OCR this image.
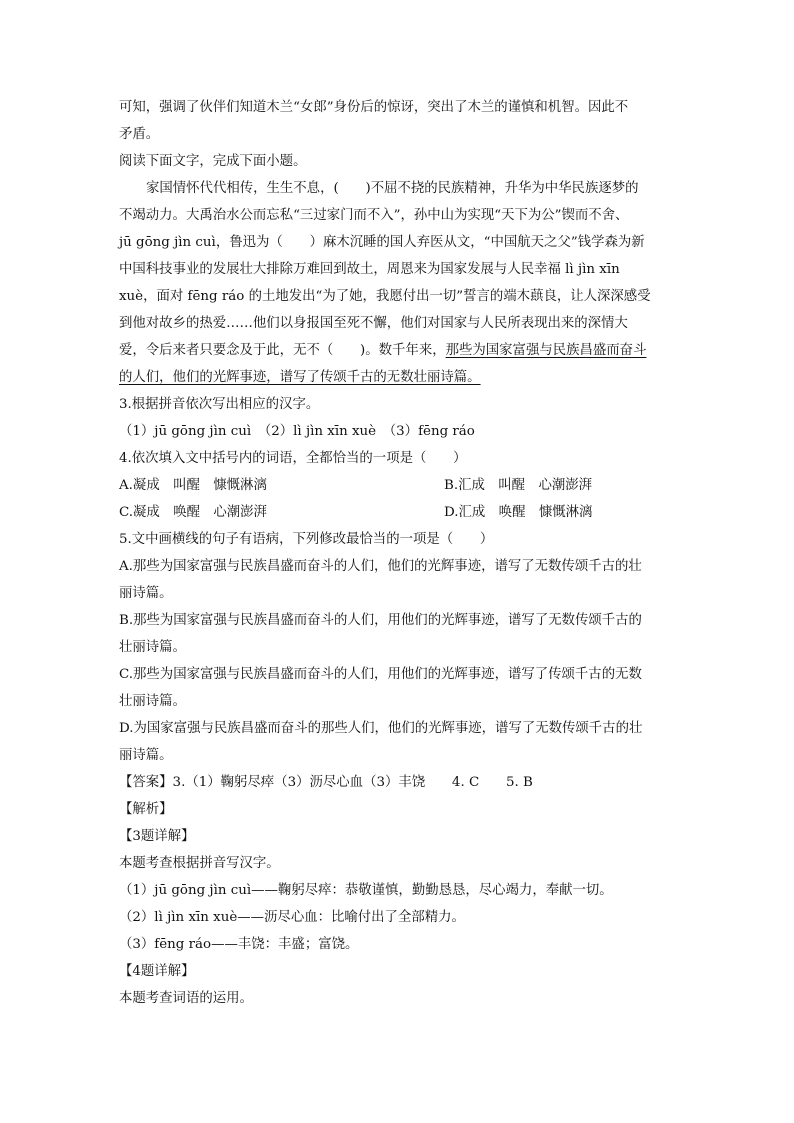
可知，强调了伙伴们知道木兰“女郎”身份后的惊讶，突出了木兰的谨慎和机智。因此不
矛盾。
阅读下面文字，完成下面小题。
家国情怀代代相传，生生不息，(　　)不屈不挠的民族精神，升华为中华民族逐梦的
不竭动力。大禹治水公而忘私“三过家门而不入”，孙中山为实现“天下为公”锲而不舍、
jū gōng jìn cuì，鲁迅为（　　）麻木沉睡的国人弃医从文，“中国航天之父”钱学森为新
中国科技事业的发展壮大排除万难回到故土，周恩来为国家发展与人民幸福 lì jìn xīn
xuè，面对 fēng ráo 的土地发出“为了她，我愿付出一切”誓言的端木蕻良，让人深深感受
到他对故乡的热爱……他们以身报国至死不懈，他们对国家与人民所表现出来的深情大
爱，令后来者只要念及于此，无不（　　)。数千年来，那些为国家富强与民族昌盛而奋斗
的人们，他们的光辉事迹，谱写了传颂千古的无数壮丽诗篇。
3.根据拼音依次写出相应的汉字。
（1）jū gōng jìn cuì　（2）lì jìn xīn xuè　（3）fēng ráo
4.依次填入文中括号内的词语，全都恰当的一项是（　　）
A.凝成　叫醒　慷慨淋漓	B.汇成　叫醒　心潮澎湃
C.凝成　唤醒　心潮澎湃	D.汇成　唤醒　慷慨淋漓
5.文中画横线的句子有语病，下列修改最恰当的一项是（　　）
A.那些为国家富强与民族昌盛而奋斗的人们，他们的光辉事迹，谱写了无数传颂千古的壮
丽诗篇。
B.那些为国家富强与民族昌盛而奋斗的人们，用他们的光辉事迹，谱写了无数传颂千古的
壮丽诗篇。
C.那些为国家富强与民族昌盛而奋斗的人们，用他们的光辉事迹，谱写了传颂千古的无数
壮丽诗篇。
D.为国家富强与民族昌盛而奋斗的那些人们，他们的光辉事迹，谱写了无数传颂千古的壮
丽诗篇。
【答案】3.（1）鞠躬尽瘁（3）沥尽心血（3）丰饶　　4. C　　5. B
【解析】
【3题详解】
本题考查根据拼音写汉字。
（1）jū gōng jìn cuì——鞠躬尽瘁：恭敬谨慎，勤勤恳恳，尽心竭力，奉献一切。
（2）lì jìn xīn xuè——沥尽心血：比喻付出了全部精力。
（3）fēng ráo——丰饶：丰盛；富饶。
【4题详解】
本题考查词语的运用。
